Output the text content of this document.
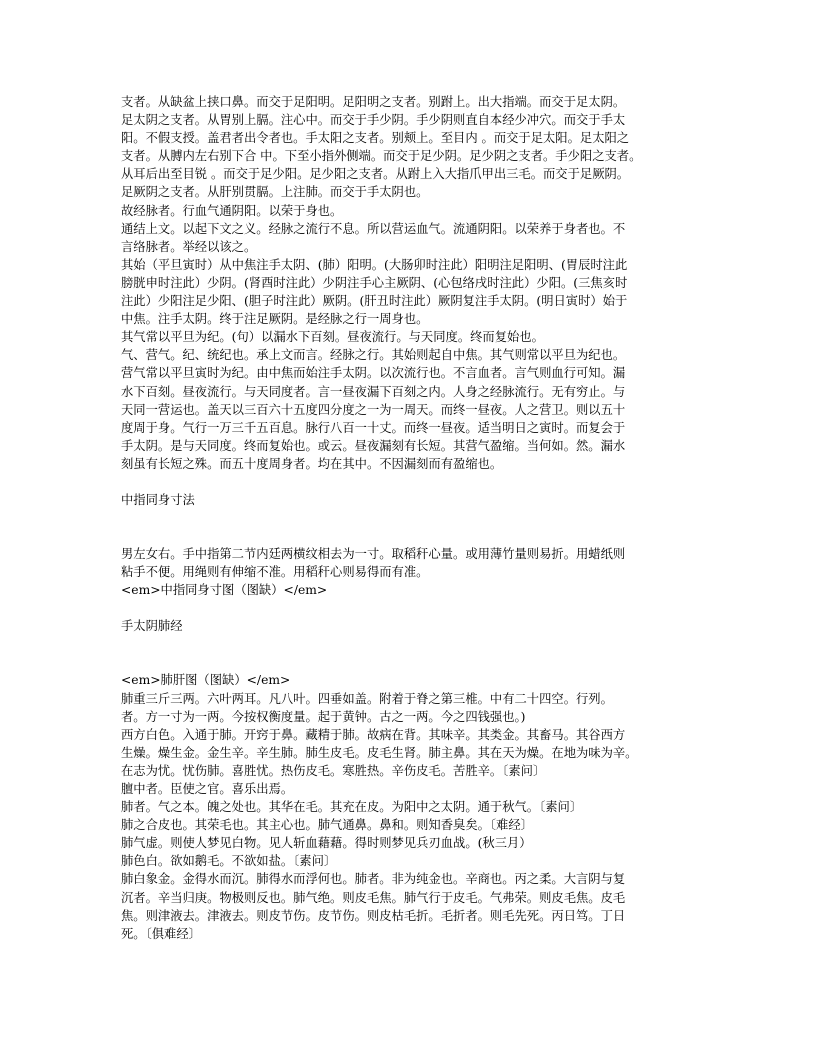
支者。从缺盆上挟口鼻。而交于足阳明。足阳明之支者。别跗上。出大指端。而交于足太阴。

足太阴之支者。从胃别上膈。注心中。而交于手少阴。手少阴则直自本经少冲穴。而交于手太

阳。不假支授。盖君者出令者也。手太阳之支者。别颊上。至目内 。而交于足太阳。足太阳之

支者。从膊内左右别下合 中。下至小指外侧端。而交于足少阴。足少阴之支者。手少阳之支者。

从耳后出至目锐 。而交于足少阳。足少阳之支者。从跗上入大指爪甲出三毛。而交于足厥阴。

足厥阴之支者。从肝别贯膈。上注肺。而交于手太阴也。

故经脉者。行血气通阴阳。以荣于身也。

通结上文。以起下文之义。经脉之流行不息。所以营运血气。流通阴阳。以荣养于身者也。不

言络脉者。举经以该之。

其始（平旦寅时）从中焦注手太阴、(肺）阳明。(大肠卯时注此）阳明注足阳明、(胃辰时注此

膀胱申时注此）少阴。(肾酉时注此）少阴注手心主厥阴、(心包络戌时注此）少阳。(三焦亥时

注此）少阳注足少阳、(胆子时注此）厥阴。(肝丑时注此）厥阴复注手太阴。(明日寅时）始于

中焦。注手太阴。终于注足厥阴。是经脉之行一周身也。

其气常以平旦为纪。(句）以漏水下百刻。昼夜流行。与天同度。终而复始也。

气、营气。纪、统纪也。承上文而言。经脉之行。其始则起自中焦。其气则常以平旦为纪也。

营气常以平旦寅时为纪。由中焦而始注手太阴。以次流行也。不言血者。言气则血行可知。漏

水下百刻。昼夜流行。与天同度者。言一昼夜漏下百刻之内。人身之经脉流行。无有穷止。与

天同一营运也。盖天以三百六十五度四分度之一为一周天。而终一昼夜。人之营卫。则以五十

度周于身。气行一万三千五百息。脉行八百一十丈。而终一昼夜。适当明日之寅时。而复会于

手太阴。是与天同度。终而复始也。或云。昼夜漏刻有长短。其营气盈缩。当何如。然。漏水

刻虽有长短之殊。而五十度周身者。均在其中。不因漏刻而有盈缩也。

中指同身寸法

男左女右。手中指第二节内廷两横纹相去为一寸。取稻秆心量。或用薄竹量则易折。用蜡纸则

粘手不便。用绳则有伸缩不准。用稻秆心则易得而有准。

<em>中指同身寸图（图缺）</em>

手太阴肺经

<em>肺肝图（图缺）</em>

肺重三斤三两。六叶两耳。凡八叶。四垂如盖。附着于脊之第三椎。中有二十四空。行列。

者。方一寸为一两。今按权衡度量。起于黄钟。古之一两。今之四钱强也。)

西方白色。入通于肺。开窍于鼻。藏精于肺。故病在背。其味辛。其类金。其畜马。其谷西方

生燥。燥生金。金生辛。辛生肺。肺生皮毛。皮毛生肾。肺主鼻。其在天为燥。在地为味为辛。

在志为忧。忧伤肺。喜胜忧。热伤皮毛。寒胜热。辛伤皮毛。苦胜辛。〔素问〕

膻中者。臣使之官。喜乐出焉。

肺者。气之本。魄之处也。其华在毛。其充在皮。为阳中之太阴。通于秋气。〔素问〕

肺之合皮也。其荣毛也。其主心也。肺气通鼻。鼻和。则知香臭矣。〔难经〕

肺气虚。则使人梦见白物。见人斩血藉藉。得时则梦见兵刃血战。(秋三月）

肺色白。欲如鹅毛。不欲如盐。〔素问〕

肺白象金。金得水而沉。肺得水而浮何也。肺者。非为纯金也。辛商也。丙之柔。大言阴与复

沉者。辛当归庚。物极则反也。肺气绝。则皮毛焦。肺气行于皮毛。气弗荣。则皮毛焦。皮毛

焦。则津液去。津液去。则皮节伤。皮节伤。则皮枯毛折。毛折者。则毛先死。丙日笃。丁日

死。〔俱难经〕
